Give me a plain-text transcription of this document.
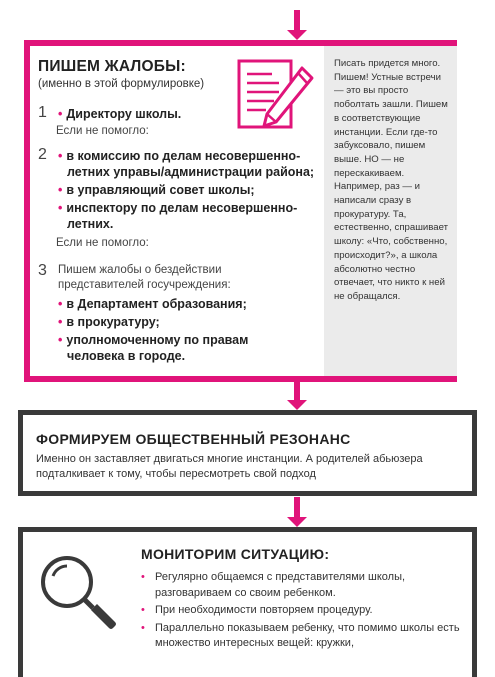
ПИШЕМ ЖАЛОБЫ:
(именно в этой формулировке)
1 • Директору школы.
Если не помогло:
2 • в комиссию по делам несовершенно-
летних управы/администрации района;
• в управляющий совет школы;
• инспектору по делам несовершенно-
летних.
Если не помогло:
3 Пишем жалобы о бездействии
представителей госучреждения:
• в Департамент образования;
• в прокуратуру;
• уполномоченному по правам
человека в городе.
Писать придется много. Пишем! Устные встречи — это вы просто поболтать зашли. Пишем в соответствующие инстанции. Если где-то забуксовало, пишем выше. НО — не перескакиваем. Например, раз — и написали сразу в прокуратуру. Та, естественно, спрашивает школу: «Что, собственно, происходит?», а школа абсолютно честно отвечает, что никто к ней не обращался.
ФОРМИРУЕМ ОБЩЕСТВЕННЫЙ РЕЗОНАНС
Именно он заставляет двигаться многие инстанции. А родителей абьюзера подталкивает к тому, чтобы пересмотреть свой подход
МОНИТОРИМ СИТУАЦИЮ:
• Регулярно общаемся с представителями школы, разговариваем со своим ребенком.
• При необходимости повторяем процедуру.
• Параллельно показываем ребенку, что помимо школы есть множество интересных вещей: кружки,
